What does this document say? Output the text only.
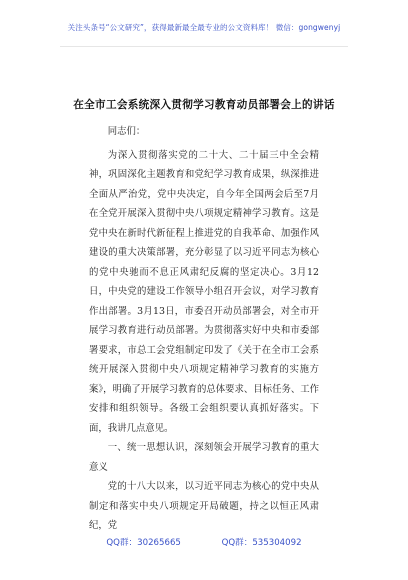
关注头条号“公文研究”，获得最新最全最专业的公文资料库！ 微信：gongwenyj
在全市工会系统深入贯彻学习教育动员部署会上的讲话

同志们：

为深入贯彻落实党的二十大、二十届三中全会精神，巩固深化主题教育和党纪学习教育成果，纵深推进全面从严治党，党中央决定，自今年全国两会后至7月在全党开展深入贯彻中央八项规定精神学习教育。这是党中央在新时代新征程上推进党的自我革命、加强作风建设的重大决策部署，充分彰显了以习近平同志为核心的党中央驰而不息正风肃纪反腐的坚定决心。3月12日，中央党的建设工作领导小组召开会议，对学习教育作出部署。3月13日，市委召开动员部署会，对全市开展学习教育进行动员部署。为贯彻落实好中央和市委部署要求，市总工会党组制定印发了《关于在全市工会系统开展深入贯彻中央八项规定精神学习教育的实施方案》，明确了开展学习教育的总体要求、目标任务、工作安排和组织领导。各级工会组织要认真抓好落实。下面，我讲几点意见。

一、统一思想认识，深刻领会开展学习教育的重大意义

党的十八大以来，以习近平同志为核心的党中央从制定和落实中央八项规定开局破题，持之以恒正风肃纪，党

QQ群：30265665	QQ群：535304092
